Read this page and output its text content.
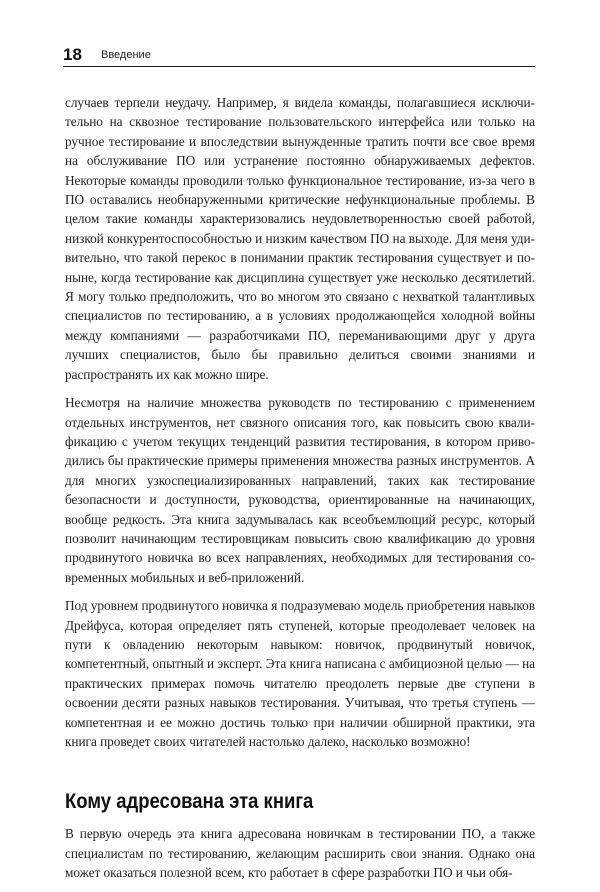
18 Введение

случаев терпели неудачу. Например, я видела команды, полагавшиеся исключительно на сквозное тестирование пользовательского интерфейса или только на ручное тестирование и впоследствии вынужденные тратить почти все свое время на обслуживание ПО или устранение постоянно обнаруживаемых дефектов. Некоторые команды проводили только функциональное тестирование, из-за чего в ПО оставались необнаруженными критические нефункциональные проблемы. В целом такие команды характеризовались неудовлетворенностью своей работой, низкой конкурентоспособностью и низким качеством ПО на выходе. Для меня удивительно, что такой перекос в понимании практик тестирования существует и поныне, когда тестирование как дисциплина существует уже несколько десятилетий. Я могу только предположить, что во многом это связано с нехваткой талантливых специалистов по тестированию, а в условиях продолжающейся холодной войны между компаниями — разработчиками ПО, переманивающими друг у друга лучших специалистов, было бы правильно делиться своими знаниями и распространять их как можно шире.

Несмотря на наличие множества руководств по тестированию с применением отдельных инструментов, нет связного описания того, как повысить свою квалификацию с учетом текущих тенденций развития тестирования, в котором приводились бы практические примеры применения множества разных инструментов. А для многих узкоспециализированных направлений, таких как тестирование безопасности и доступности, руководства, ориентированные на начинающих, вообще редкость. Эта книга задумывалась как всеобъемлющий ресурс, который позволит начинающим тестировщикам повысить свою квалификацию до уровня продвинутого новичка во всех направлениях, необходимых для тестирования современных мобильных и веб-приложений.

Под уровнем продвинутого новичка я подразумеваю модель приобретения навыков Дрейфуса, которая определяет пять ступеней, которые преодолевает человек на пути к овладению некоторым навыком: новичок, продвинутый новичок, компетентный, опытный и эксперт. Эта книга написана с амбициозной целью — на практических примерах помочь читателю преодолеть первые две ступени в освоении десяти разных навыков тестирования. Учитывая, что третья ступень — компетентная и ее можно достичь только при наличии обширной практики, эта книга проведет своих читателей настолько далеко, насколько возможно!

Кому адресована эта книга

В первую очередь эта книга адресована новичкам в тестировании ПО, а также специалистам по тестированию, желающим расширить свои знания. Однако она может оказаться полезной всем, кто работает в сфере разработки ПО и чьи обя-
